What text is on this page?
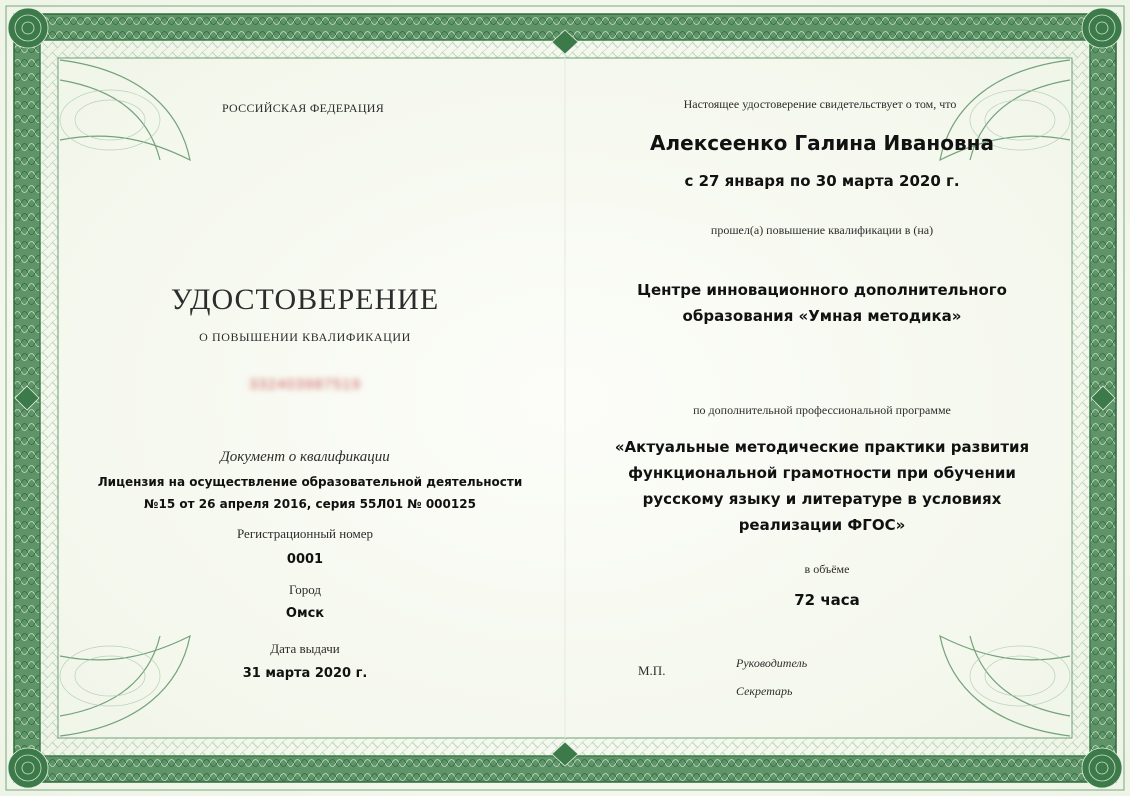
РОССИЙСКАЯ ФЕДЕРАЦИЯ
УДОСТОВЕРЕНИЕ
О ПОВЫШЕНИИ КВАЛИФИКАЦИИ
332403987519
Документ о квалификации
Лицензия на осуществление образовательной деятельности
№15 от 26 апреля 2016, серия 55Л01 № 000125
Регистрационный номер
0001
Город
Омск
Дата выдачи
31 марта 2020 г.
Настоящее удостоверение свидетельствует о том, что
Алексеенко Галина Ивановна
с 27 января по 30 марта 2020 г.
прошел(а) повышение квалификации в (на)
Центре инновационного дополнительного
образования «Умная методика»
по дополнительной профессиональной программе
«Актуальные методические практики развития
функциональной грамотности при обучении
русскому языку и литературе в условиях
реализации ФГОС»
в объёме
72 часа
М.П.	Руководитель
Секретарь
